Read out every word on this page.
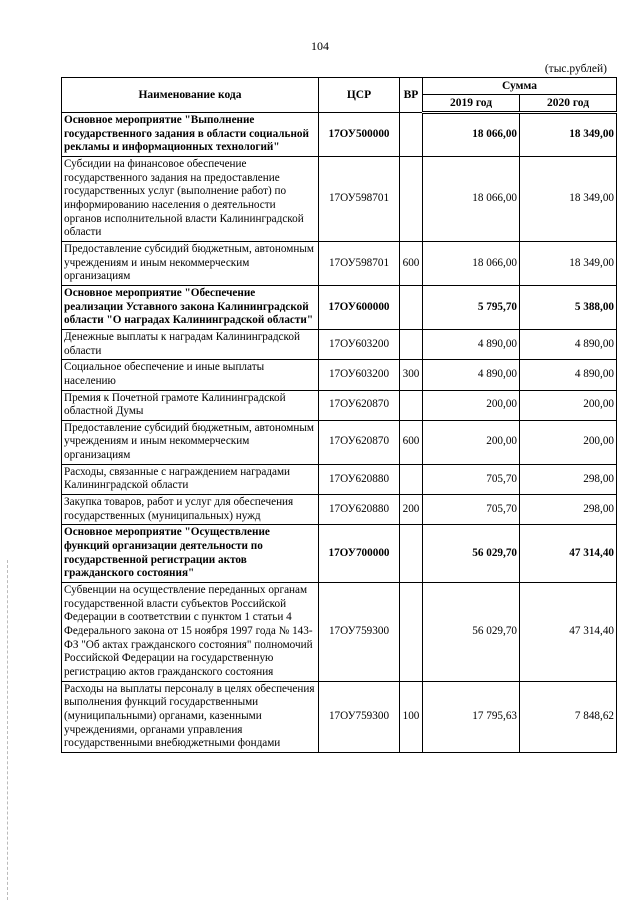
104
(тыс.рублей)
Наименование кода	ЦСР	ВР	Сумма	
			2019 год	2020 год
Основное мероприятие "Выполнение государственного задания в области социальной рекламы и информационных технологий"	17ОУ500000		18 066,00	18 349,00
Субсидии на финансовое обеспечение государственного задания на предоставление государственных услуг (выполнение работ) по информированию населения о деятельности органов исполнительной власти Калининградской области	17ОУ598701		18 066,00	18 349,00
Предоставление субсидий бюджетным, автономным учреждениям и иным некоммерческим организациям	17ОУ598701	600	18 066,00	18 349,00
Основное мероприятие "Обеспечение реализации Уставного закона Калининградской области "О наградах Калининградской области"	17ОУ600000		5 795,70	5 388,00
Денежные выплаты к наградам Калининградской области	17ОУ603200		4 890,00	4 890,00
Социальное обеспечение и иные выплаты населению	17ОУ603200	300	4 890,00	4 890,00
Премия к Почетной грамоте Калининградской областной Думы	17ОУ620870		200,00	200,00
Предоставление субсидий бюджетным, автономным учреждениям и иным некоммерческим организациям	17ОУ620870	600	200,00	200,00
Расходы, связанные с награждением наградами Калининградской области	17ОУ620880		705,70	298,00
Закупка товаров, работ и услуг для обеспечения государственных (муниципальных) нужд	17ОУ620880	200	705,70	298,00
Основное мероприятие "Осуществление функций организации деятельности по государственной регистрации актов гражданского состояния"	17ОУ700000		56 029,70	47 314,40
Субвенции на осуществление переданных органам государственной власти субъектов Российской Федерации в соответствии с пунктом 1 статьи 4 Федерального закона от 15 ноября 1997 года № 143-ФЗ "Об актах гражданского состояния" полномочий Российской Федерации на государственную регистрацию актов гражданского состояния	17ОУ759300		56 029,70	47 314,40
Расходы на выплаты персоналу в целях обеспечения выполнения функций государственными (муниципальными) органами, казенными учреждениями, органами управления государственными внебюджетными фондами	17ОУ759300	100	17 795,63	7 848,62
